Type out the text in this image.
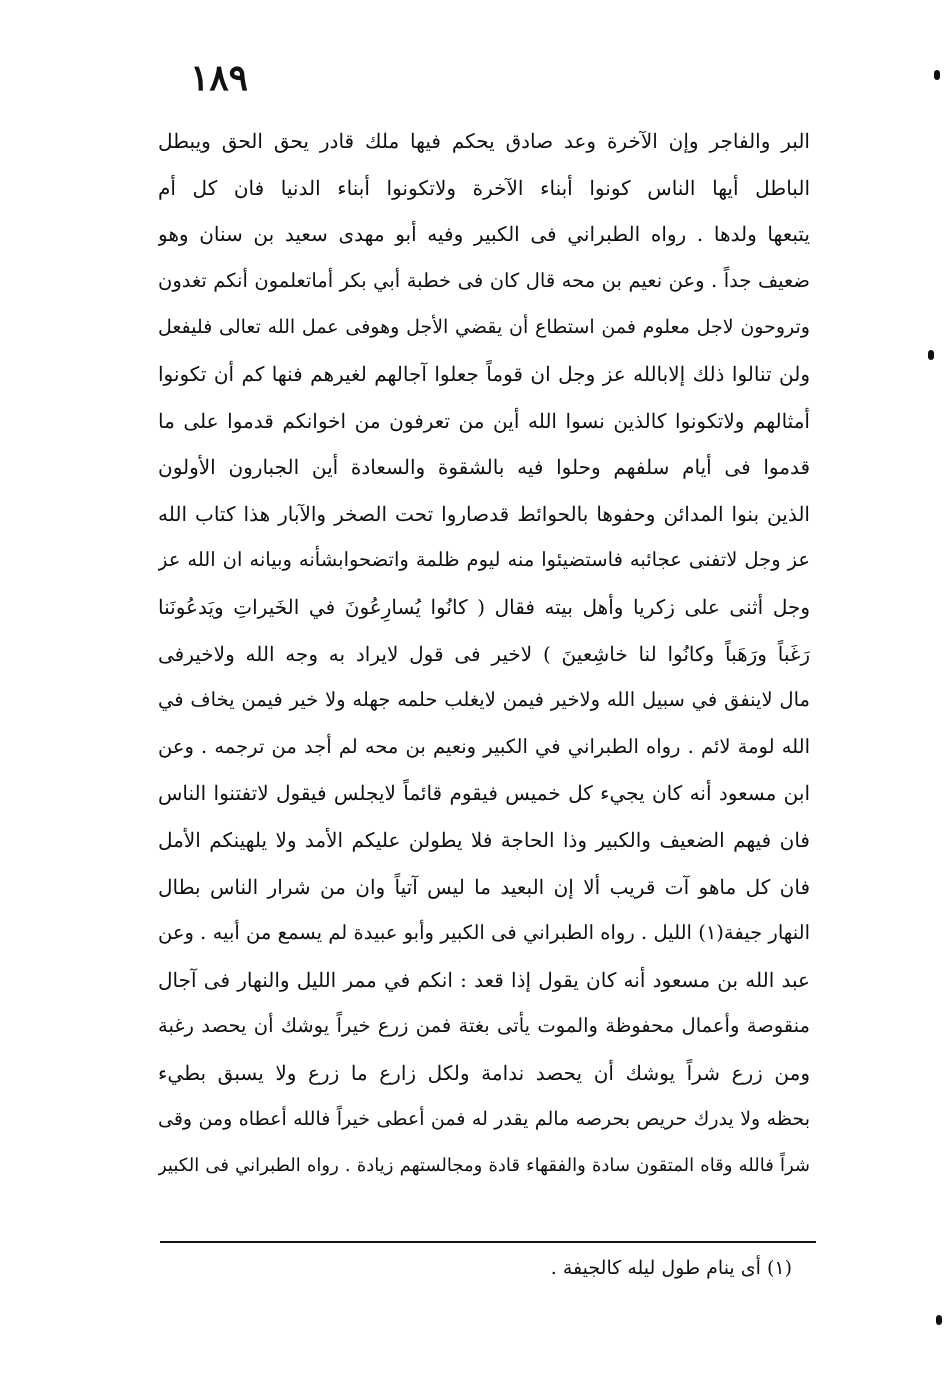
١٨٩
البر والفاجر وإن الآخرة وعد صادق يحكم فيها ملك قادر يحق الحق ويبطل
الباطل أيها الناس كونوا أبناء الآخرة ولاتكونوا أبناء الدنيا فان كل أم
يتبعها ولدها . رواه الطبراني فى الكبير وفيه أبو مهدى سعيد بن سنان وهو
ضعيف جداً . وعن نعيم بن محه قال كان فى خطبة أبي بكر أماتعلمون أنكم تغدون
وتروحون لاجل معلوم فمن استطاع أن يقضي الأجل وهوفى عمل الله تعالى فليفعل
ولن تنالوا ذلك إلابالله عز وجل ان قوماً جعلوا آجالهم لغيرهم فنها كم أن تكونوا
أمثالهم ولاتكونوا كالذين نسوا الله أين من تعرفون من اخوانكم قدموا على ما
قدموا فى أيام سلفهم وحلوا فيه بالشقوة والسعادة أين الجبارون الأولون
الذين بنوا المدائن وحفوها بالحوائط قدصاروا تحت الصخر والآبار هذا كتاب الله
عز وجل لاتفنى عجائبه فاستضيئوا منه ليوم ظلمة واتضحوابشأنه وبيانه ان الله عز
وجل أثنى على زكريا وأهل بيته فقال ( كانُوا يُسارِعُونَ في الخَيراتِ ويَدعُونَنا
رَغَباً ورَهَباً وكانُوا لنا خاشِعينَ ) لاخير فى قول لايراد به وجه الله ولاخيرفى
مال لاينفق في سبيل الله ولاخير فيمن لايغلب حلمه جهله ولا خير فيمن يخاف في
الله لومة لائم . رواه الطبراني في الكبير ونعيم بن محه لم أجد من ترجمه . وعن
ابن مسعود أنه كان يجيء كل خميس فيقوم قائماً لايجلس فيقول لاتفتنوا الناس
فان فيهم الضعيف والكبير وذا الحاجة فلا يطولن عليكم الأمد ولا يلهينكم الأمل
فان كل ماهو آت قريب ألا إن البعيد ما ليس آتياً وان من شرار الناس بطال
النهار جيفة(١) الليل . رواه الطبراني فى الكبير وأبو عبيدة لم يسمع من أبيه . وعن
عبد الله بن مسعود أنه كان يقول إذا قعد : انكم في ممر الليل والنهار فى آجال
منقوصة وأعمال محفوظة والموت يأتى بغتة فمن زرع خيراً يوشك أن يحصد رغبة
ومن زرع شراً يوشك أن يحصد ندامة ولكل زارع ما زرع ولا يسبق بطيء
بحظه ولا يدرك حريص بحرصه مالم يقدر له فمن أعطى خيراً فالله أعطاه ومن وقى
شراً فالله وقاه المتقون سادة والفقهاء قادة ومجالستهم زيادة . رواه الطبراني فى الكبير
(١) أى ينام طول ليله كالجيفة .
